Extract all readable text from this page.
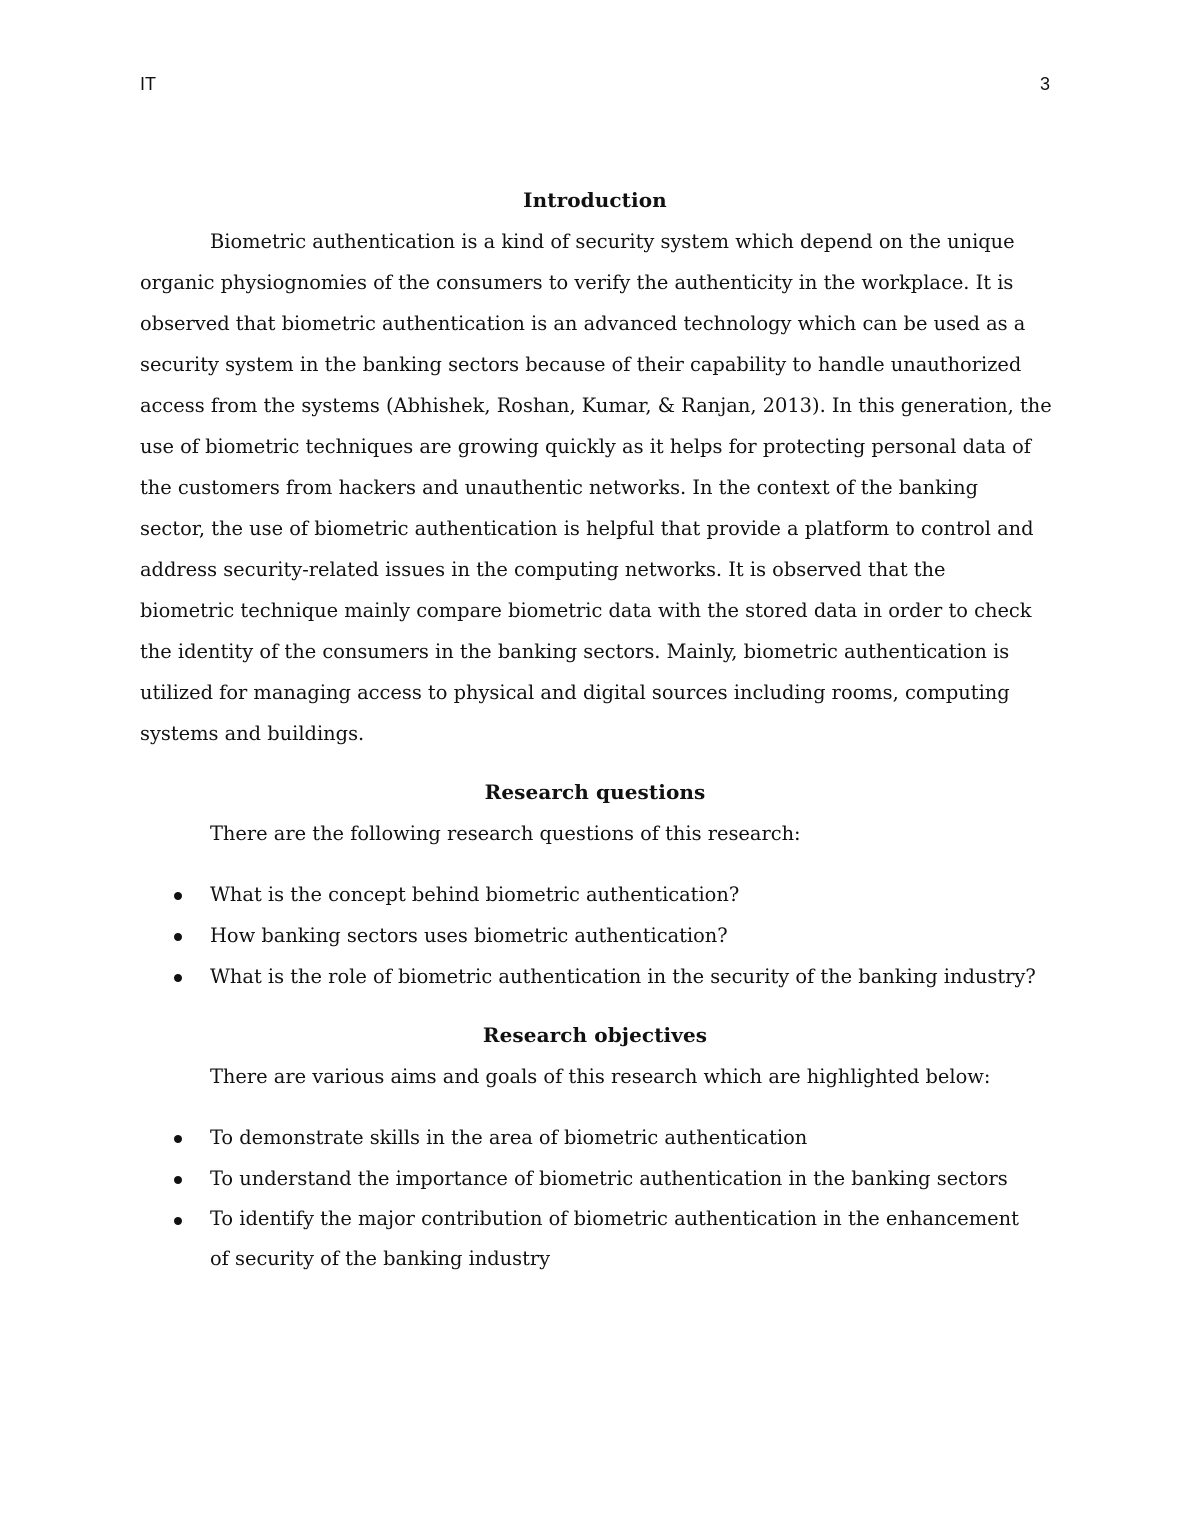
IT	3
Introduction

Biometric authentication is a kind of security system which depend on the unique
organic physiognomies of the consumers to verify the authenticity in the workplace. It is
observed that biometric authentication is an advanced technology which can be used as a
security system in the banking sectors because of their capability to handle unauthorized
access from the systems (Abhishek, Roshan, Kumar, & Ranjan, 2013). In this generation, the
use of biometric techniques are growing quickly as it helps for protecting personal data of
the customers from hackers and unauthentic networks. In the context of the banking
sector, the use of biometric authentication is helpful that provide a platform to control and
address security-related issues in the computing networks. It is observed that the
biometric technique mainly compare biometric data with the stored data in order to check
the identity of the consumers in the banking sectors. Mainly, biometric authentication is
utilized for managing access to physical and digital sources including rooms, computing
systems and buildings.

Research questions

There are the following research questions of this research:

What is the concept behind biometric authentication?
How banking sectors uses biometric authentication?
What is the role of biometric authentication in the security of the banking industry?
Research objectives

There are various aims and goals of this research which are highlighted below:

To demonstrate skills in the area of biometric authentication
To understand the importance of biometric authentication in the banking sectors
To identify the major contribution of biometric authentication in the enhancement
of security of the banking industry
